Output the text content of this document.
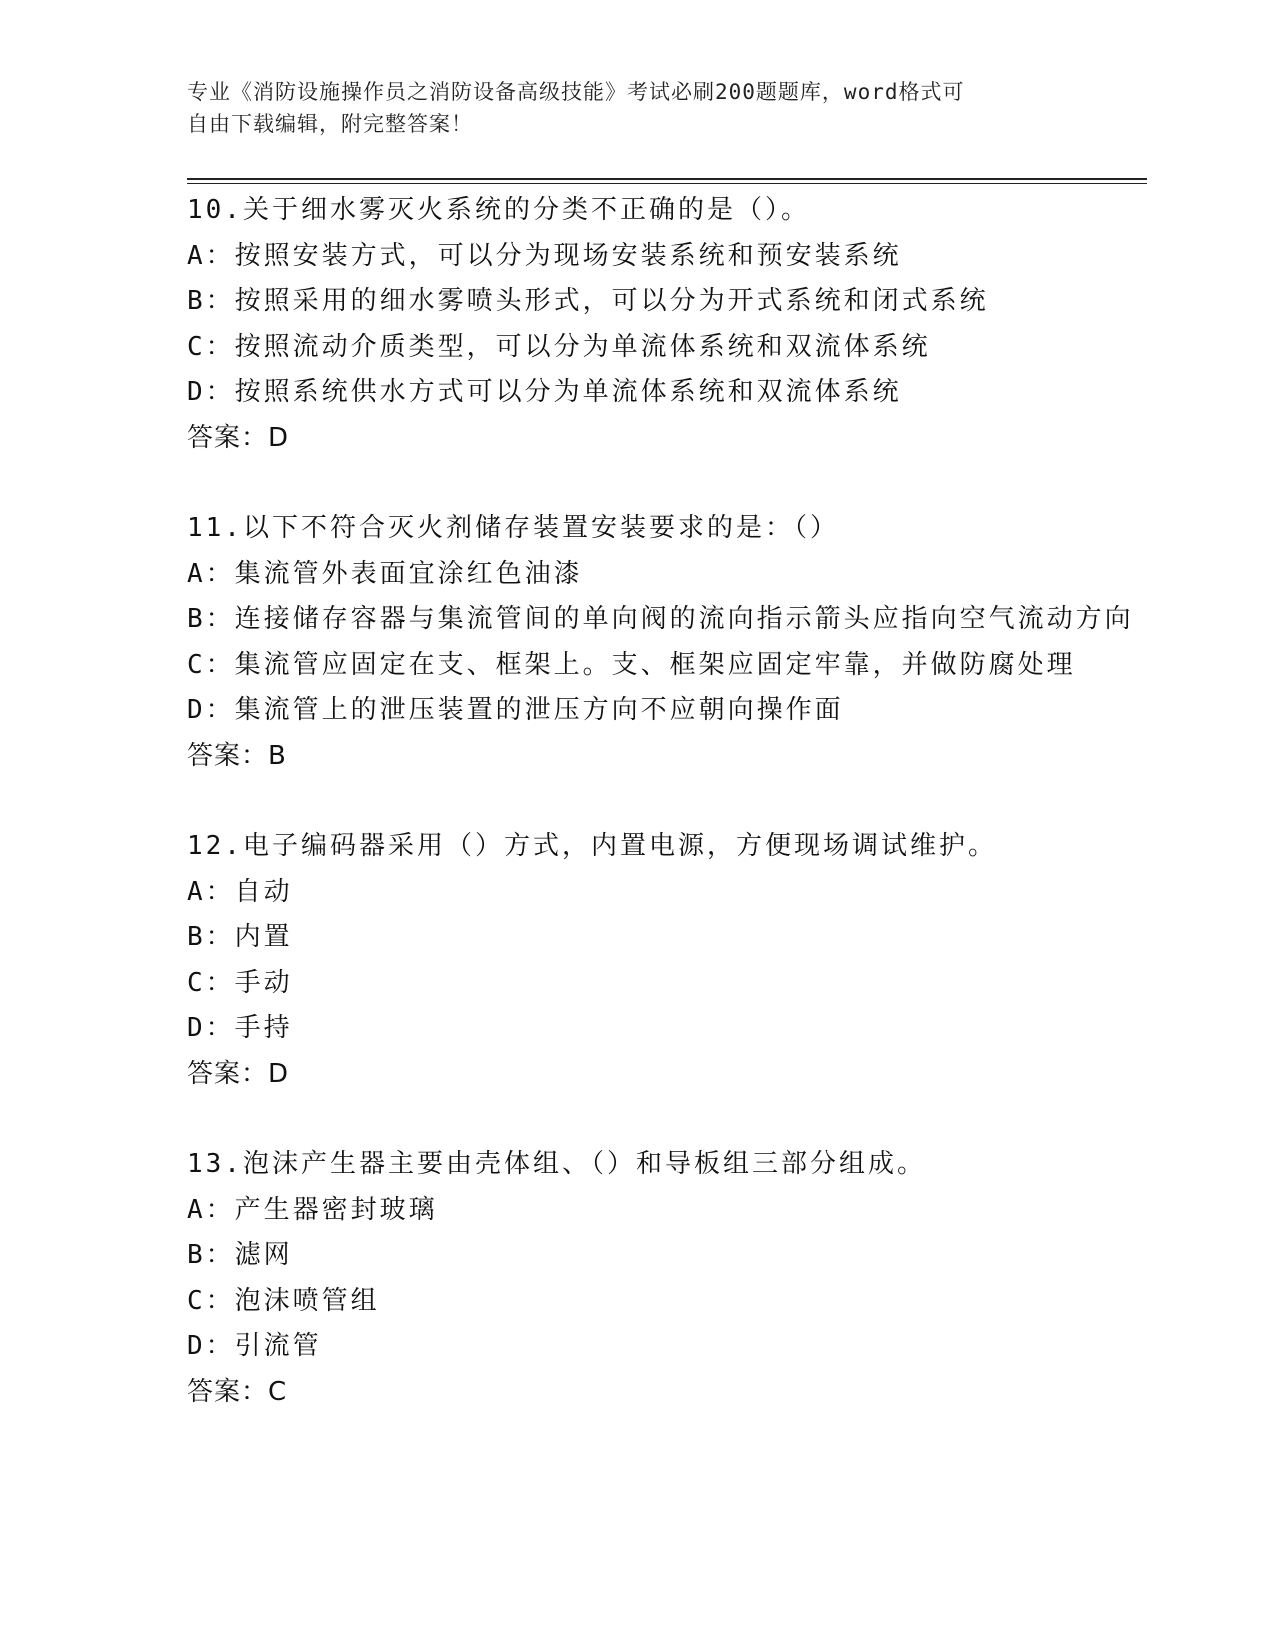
专业《消防设施操作员之消防设备高级技能》考试必刷200题题库，word格式可
自由下载编辑，附完整答案！
10.关于细水雾灭火系统的分类不正确的是（）。
A：按照安装方式，可以分为现场安装系统和预安装系统
B：按照采用的细水雾喷头形式，可以分为开式系统和闭式系统
C：按照流动介质类型，可以分为单流体系统和双流体系统
D：按照系统供水方式可以分为单流体系统和双流体系统
答案：D
11.以下不符合灭火剂储存装置安装要求的是：（）
A：集流管外表面宜涂红色油漆
B：连接储存容器与集流管间的单向阀的流向指示箭头应指向空气流动方向
C：集流管应固定在支、框架上。支、框架应固定牢靠，并做防腐处理
D：集流管上的泄压装置的泄压方向不应朝向操作面
答案：B
12.电子编码器采用（）方式，内置电源，方便现场调试维护。
A：自动
B：内置
C：手动
D：手持
答案：D
13.泡沫产生器主要由壳体组、（）和导板组三部分组成。
A：产生器密封玻璃
B：滤网
C：泡沫喷管组
D：引流管
答案：C
